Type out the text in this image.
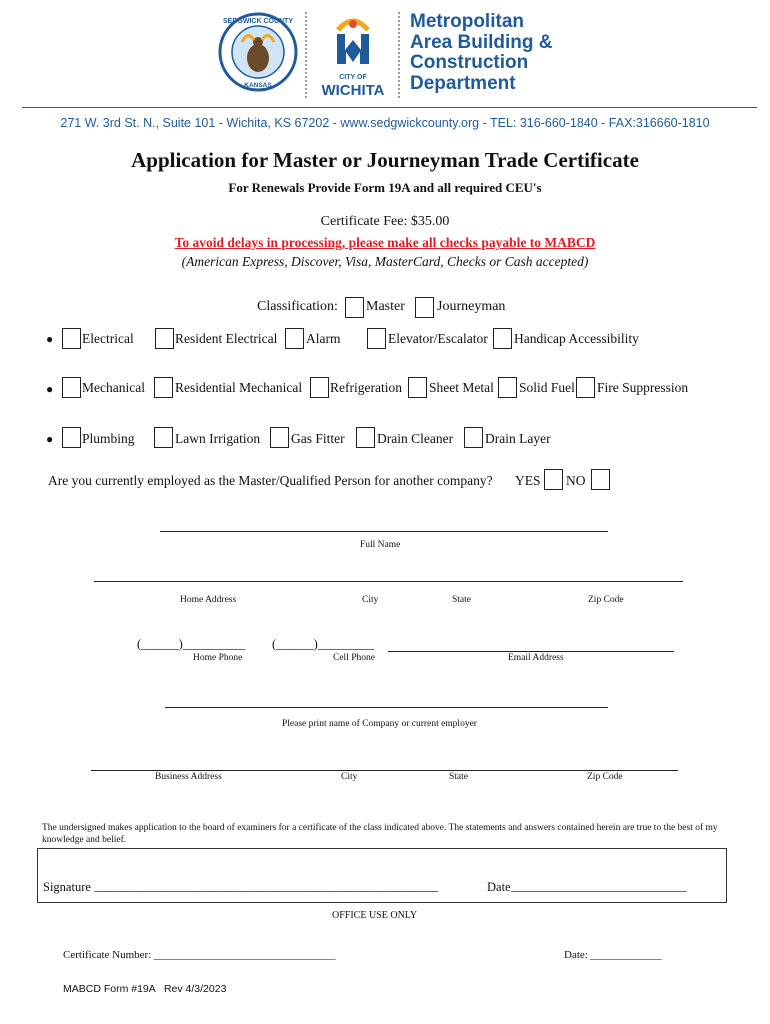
SEDGWICK COUNTY
KANSAS
CITY OF
WICHITA
Metropolitan
Area Building &
Construction
Department
271 W. 3rd St. N., Suite 101 - Wichita, KS 67202 - www.sedgwickcounty.org - TEL: 316-660-1840 - FAX:316660-1810
Application for Master or Journeyman Trade Certificate
For Renewals Provide Form 19A and all required CEU's
Certificate Fee: $35.00
To avoid delays in processing, please make all checks payable to MABCD
(American Express, Discover, Visa, MasterCard, Checks or Cash accepted)
Classification: Master Journeyman
● Electrical	Resident Electrical Alarm	Elevator/Escalator Handicap Accessibility
● Mechanical Residential Mechanical Refrigeration Sheet Metal Solid Fuel Fire Suppression
● Plumbing	Lawn Irrigation Gas Fitter Drain Cleaner Drain Layer
Are you currently employed as the Master/Qualified Person for another company? YES NO
Full Name
Home Address	City	State	Zip Code
(______)__________ (______)_________
Home Phone	Cell Phone	Email Address
Please print name of Company or current employer
Business Address	City	State	Zip Code
The undersigned makes application to the board of examiners for a certificate of the class indicated above. The statements and answers contained herein are true to the best of my knowledge and belief.
Signature _______________________________________________________________	Date _______________________________
OFFICE USE ONLY
Certificate Number: _________________________________	Date: _____________
MABCD Form #19A   Rev 4/3/2023
